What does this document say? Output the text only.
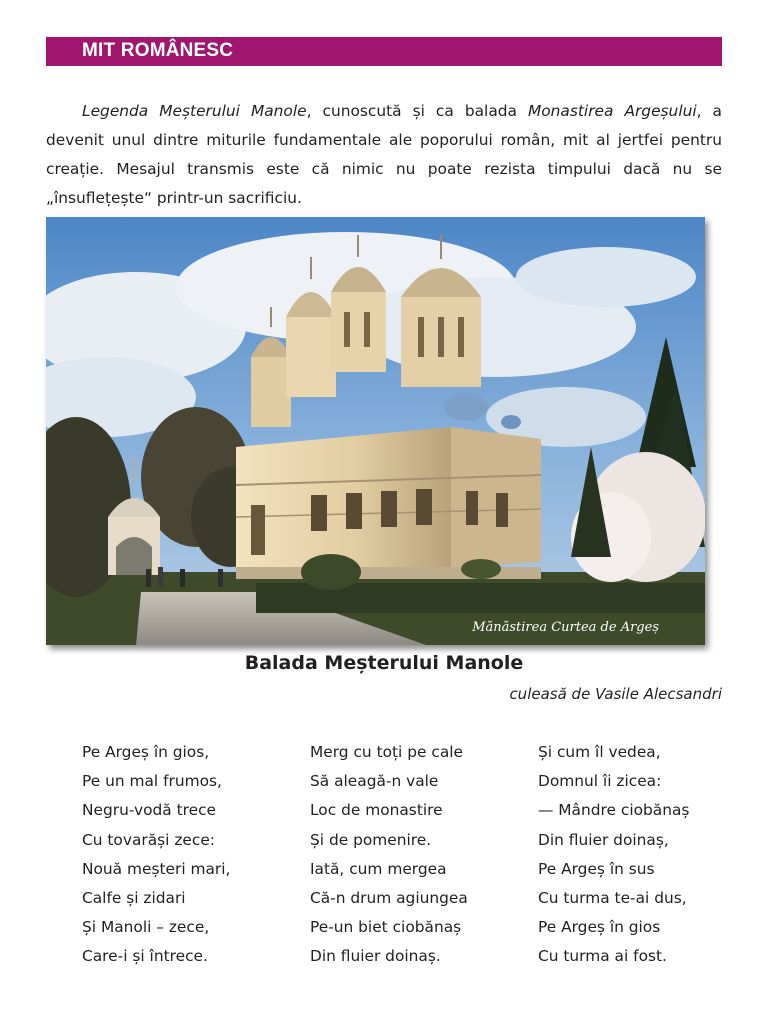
MIT ROMÂNESC

Legenda Meșterului Manole, cunoscută și ca balada Monastirea Argeșului, a devenit unul dintre miturile fundamentale ale poporului român, mit al jertfei pentru creație. Mesajul transmis este că nimic nu poate rezista timpului dacă nu se „însuflețește“ printr-un sacrificiu.

Mănăstirea Curtea de Argeș
Balada Meșterului Manole
culeasă de Vasile Alecsandri
Pe Argeș în gios,
Pe un mal frumos,
Negru-vodă trece
Cu tovarăși zece:
Nouă meșteri mari,
Calfe și zidari
Și Manoli – zece,
Care-i și întrece.
Merg cu toți pe cale
Să aleagă-n vale
Loc de monastire
Și de pomenire.
Iată, cum mergea
Că-n drum agiungea
Pe-un biet ciobănaș
Din fluier doinaș.
Și cum îl vedea,
Domnul îi zicea:
— Mândre ciobănaș
Din fluier doinaș,
Pe Argeș în sus
Cu turma te-ai dus,
Pe Argeș în gios
Cu turma ai fost.
